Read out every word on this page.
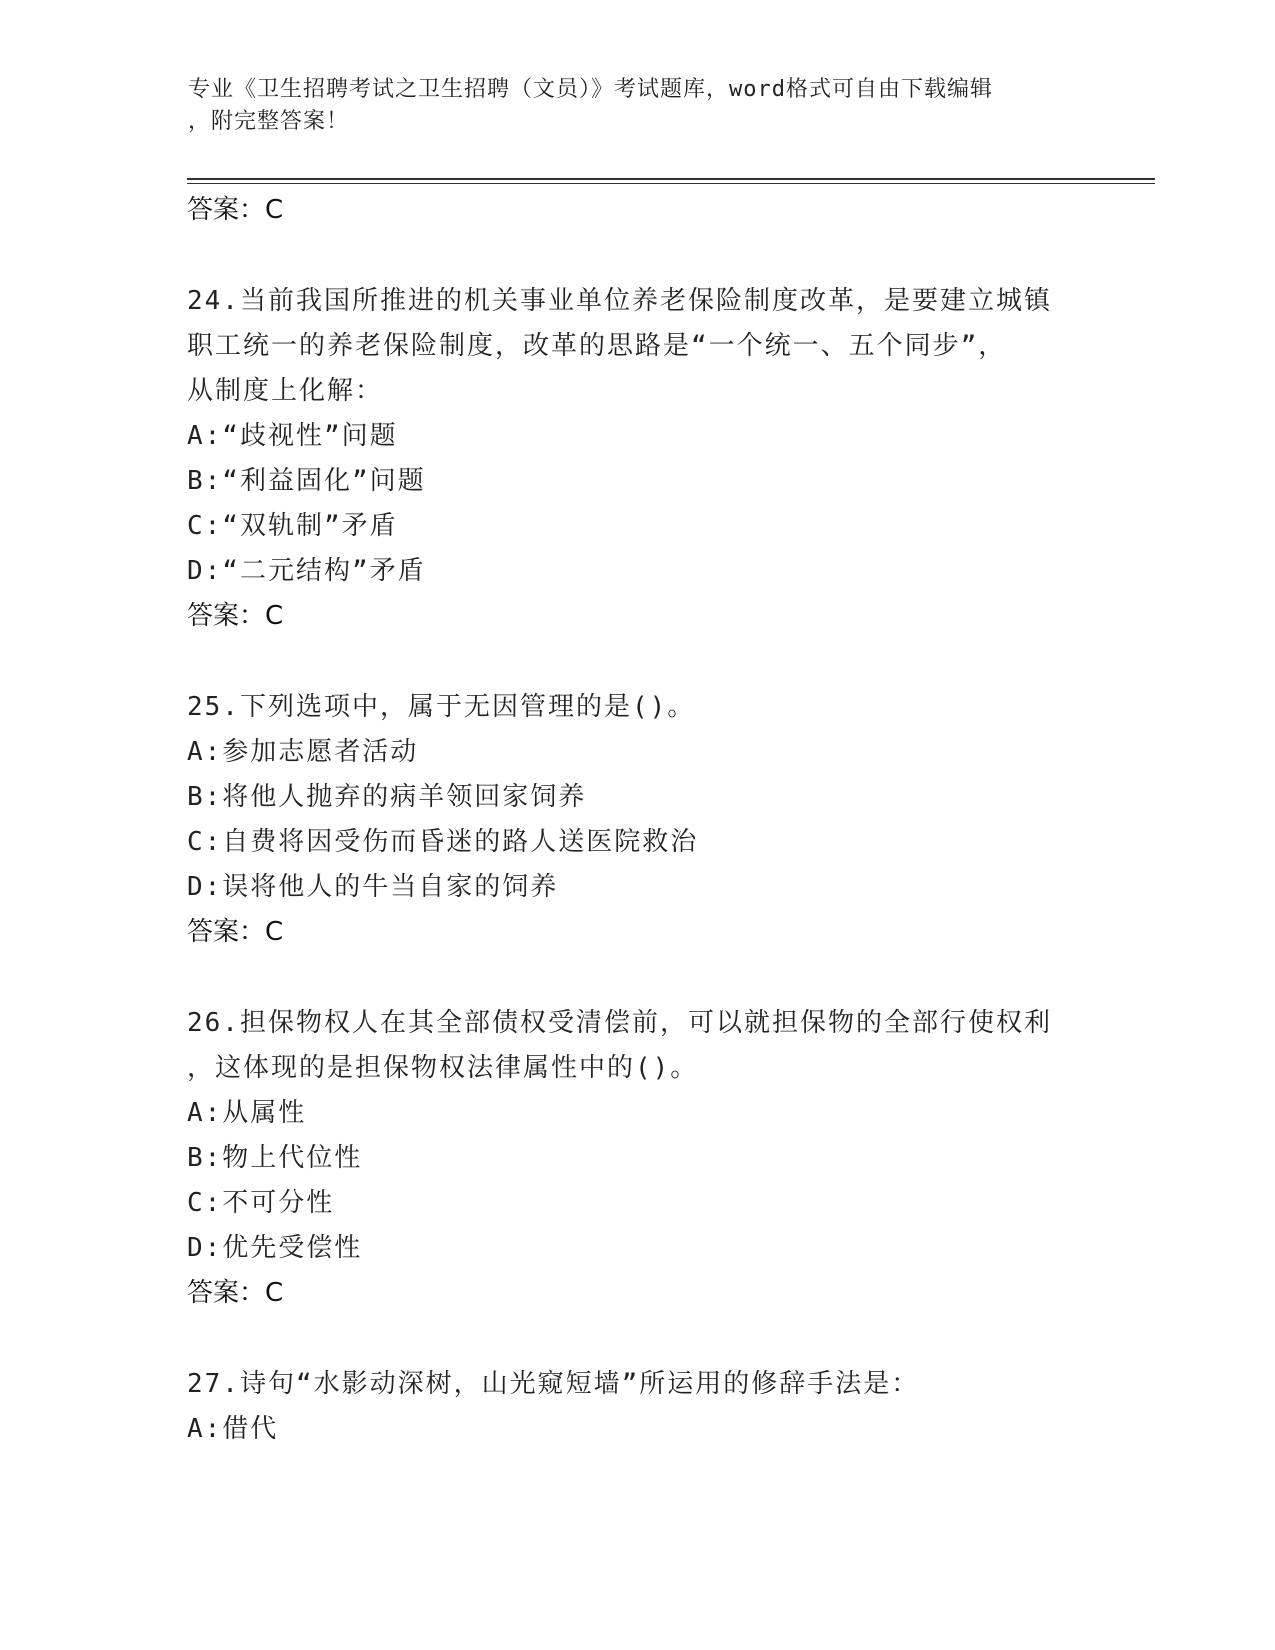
专业《卫生招聘考试之卫生招聘（文员）》考试题库，word格式可自由下载编辑
，附完整答案！
答案：C
24.当前我国所推进的机关事业单位养老保险制度改革，是要建立城镇
职工统一的养老保险制度，改革的思路是“一个统一、五个同步”，
从制度上化解：
A:“歧视性”问题
B:“利益固化”问题
C:“双轨制”矛盾
D:“二元结构”矛盾
答案：C
25.下列选项中，属于无因管理的是()。
A:参加志愿者活动
B:将他人抛弃的病羊领回家饲养
C:自费将因受伤而昏迷的路人送医院救治
D:误将他人的牛当自家的饲养
答案：C
26.担保物权人在其全部债权受清偿前，可以就担保物的全部行使权利
，这体现的是担保物权法律属性中的()。
A:从属性
B:物上代位性
C:不可分性
D:优先受偿性
答案：C
27.诗句“水影动深树，山光窥短墙”所运用的修辞手法是：
A:借代
